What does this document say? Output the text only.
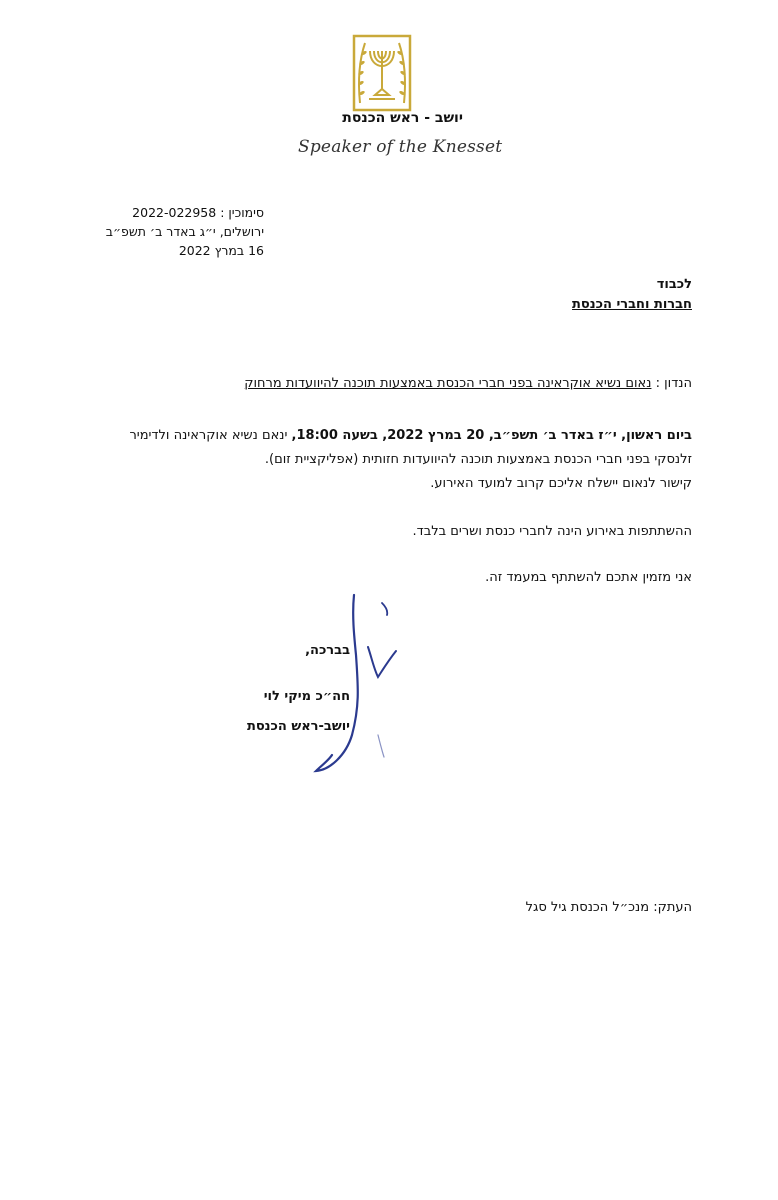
יושב - ראש הכנסת
Speaker of the Knesset
סימוכין : 2022-022958
ירושלים, י״ג באדר ב׳ תשפ״ב
16 במרץ 2022
לכבוד
חברות וחברי הכנסת
הנדון : נאום נשיא אוקראינה בפני חברי הכנסת באמצעות תוכנה להיוועדות מרחוק
ביום ראשון, י״ז באדר ב׳ תשפ״ב, 20 במרץ 2022, בשעה 18:00, ינאם נשיא אוקראינה ולדימיר
זלנסקי בפני חברי הכנסת באמצעות תוכנה להיוועדות חזותית (אפליקציית זום).
קישור לנאום יישלח אליכם קרוב למועד האירוע.
ההשתתפות באירוע הינה לחברי כנסת ושרים בלבד.
אני מזמין אתכם להשתתף במעמד זה.
בברכה,
חה״כ מיקי לוי
יושב-ראש הכנסת
העתק: מנכ״ל הכנסת גיל סגל
